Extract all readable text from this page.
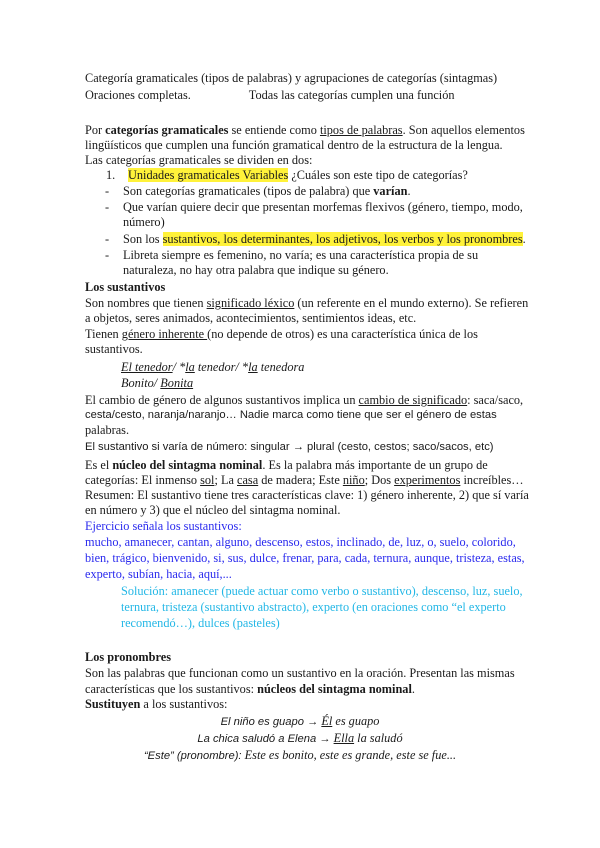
Categoría gramaticales (tipos de palabras) y agrupaciones de categorías (sintagmas)
Oraciones completas.	Todas las categorías cumplen una función
Por categorías gramaticales se entiende como tipos de palabras. Son aquellos elementos
lingüísticos que cumplen una función gramatical dentro de la estructura de la lengua.
Las categorías gramaticales se dividen en dos:
1. Unidades gramaticales Variables ¿Cuáles son este tipo de categorías?
- Son categorías gramaticales (tipos de palabra) que varían.
- Que varían quiere decir que presentan morfemas flexivos (género, tiempo, modo,
número)
- Son los sustantivos, los determinantes, los adjetivos, los verbos y los pronombres.
- Libreta siempre es femenino, no varía; es una característica propia de su
naturaleza, no hay otra palabra que indique su género.
Los sustantivos
Son nombres que tienen significado léxico (un referente en el mundo externo). Se refieren
a objetos, seres animados, acontecimientos, sentimientos ideas, etc.
Tienen género inherente (no depende de otros) es una característica única de los
sustantivos.
El tenedor/ *la tenedor/ *la tenedora
Bonito/ Bonita
El cambio de género de algunos sustantivos implica un cambio de significado: saca/saco,
cesta/cesto, naranja/naranjo… Nadie marca como tiene que ser el género de estas
palabras.
El sustantivo si varía de número: singular → plural (cesto, cestos; saco/sacos, etc)
Es el núcleo del sintagma nominal. Es la palabra más importante de un grupo de
categorías: El inmenso sol; La casa de madera; Este niño; Dos experimentos increíbles…
Resumen: El sustantivo tiene tres características clave: 1) género inherente, 2) que sí varía
en número y 3) que el núcleo del sintagma nominal.
Ejercicio señala los sustantivos:
mucho, amanecer, cantan, alguno, descenso, estos, inclinado, de, luz, o, suelo, colorido,
bien, trágico, bienvenido, si, sus, dulce, frenar, para, cada, ternura, aunque, tristeza, estas,
experto, subían, hacia, aquí,...
Solución: amanecer (puede actuar como verbo o sustantivo), descenso, luz, suelo,
ternura, tristeza (sustantivo abstracto), experto (en oraciones como “el experto
recomendó…), dulces (pasteles)
Los pronombres
Son las palabras que funcionan como un sustantivo en la oración. Presentan las mismas
características que los sustantivos: núcleos del sintagma nominal.
Sustituyen a los sustantivos:
El niño es guapo → Él es guapo
La chica saludó a Elena → Ella la saludó
“Este” (pronombre): Este es bonito, este es grande, este se fue...
